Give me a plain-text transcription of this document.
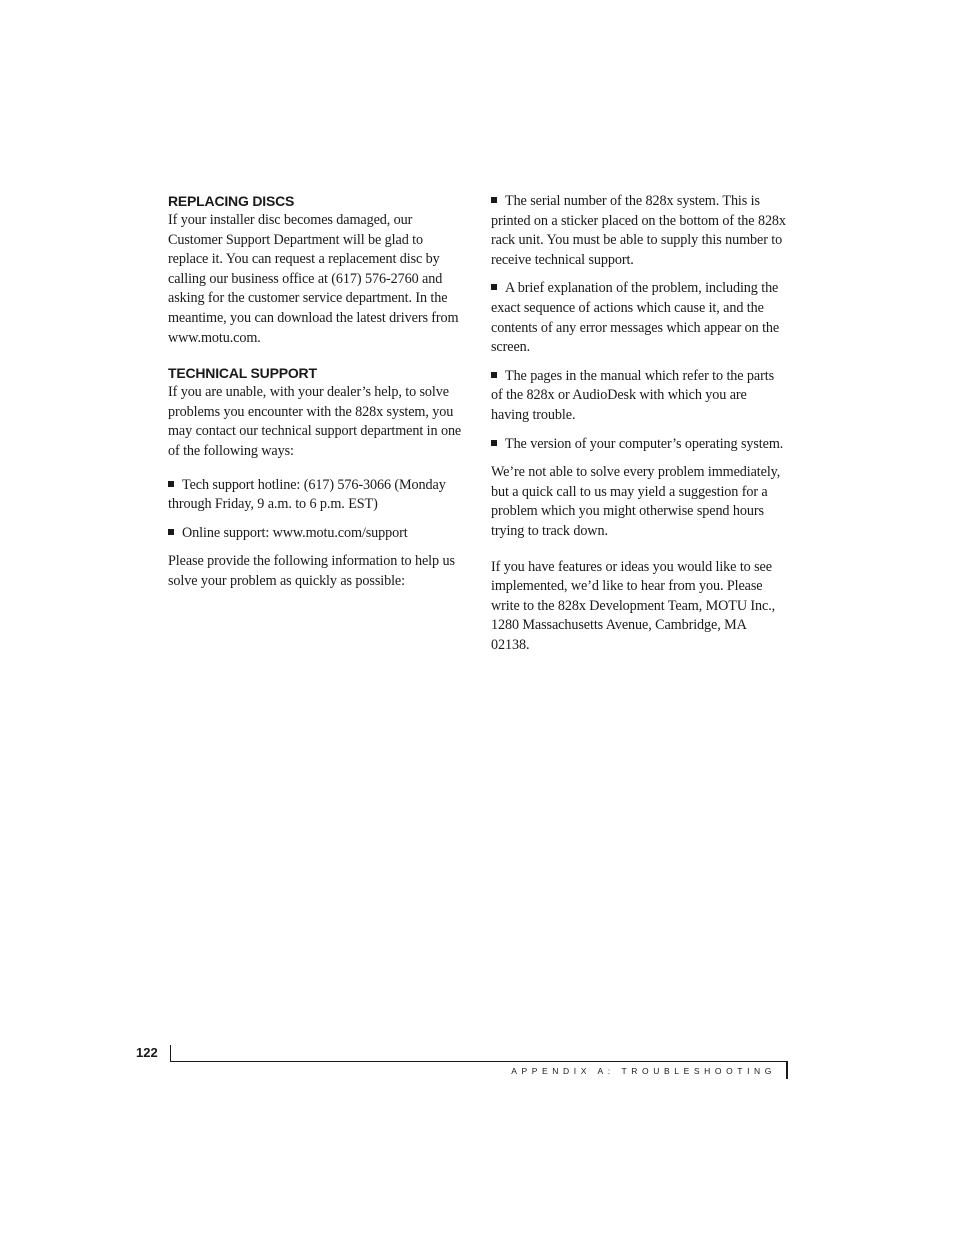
REPLACING DISCS

If your installer disc becomes damaged, our Customer Support Department will be glad to replace it. You can request a replacement disc by calling our business office at (617) 576-2760 and asking for the customer service department. In the meantime, you can download the latest drivers from www.motu.com.

TECHNICAL SUPPORT

If you are unable, with your dealer’s help, to solve problems you encounter with the 828x system, you may contact our technical support department in one of the following ways:

Tech support hotline: (617) 576-3066 (Monday through Friday, 9 a.m. to 6 p.m. EST)

Online support: www.motu.com/support

Please provide the following information to help us solve your problem as quickly as possible:

The serial number of the 828x system. This is printed on a sticker placed on the bottom of the 828x rack unit. You must be able to supply this number to receive technical support.

A brief explanation of the problem, including the exact sequence of actions which cause it, and the contents of any error messages which appear on the screen.

The pages in the manual which refer to the parts of the 828x or AudioDesk with which you are having trouble.

The version of your computer’s operating system.

We’re not able to solve every problem immediately, but a quick call to us may yield a suggestion for a problem which you might otherwise spend hours trying to track down.

If you have features or ideas you would like to see implemented, we’d like to hear from you. Please write to the 828x Development Team, MOTU Inc., 1280 Massachusetts Avenue, Cambridge, MA 02138.

122
APPENDIX A: TROUBLESHOOTING
